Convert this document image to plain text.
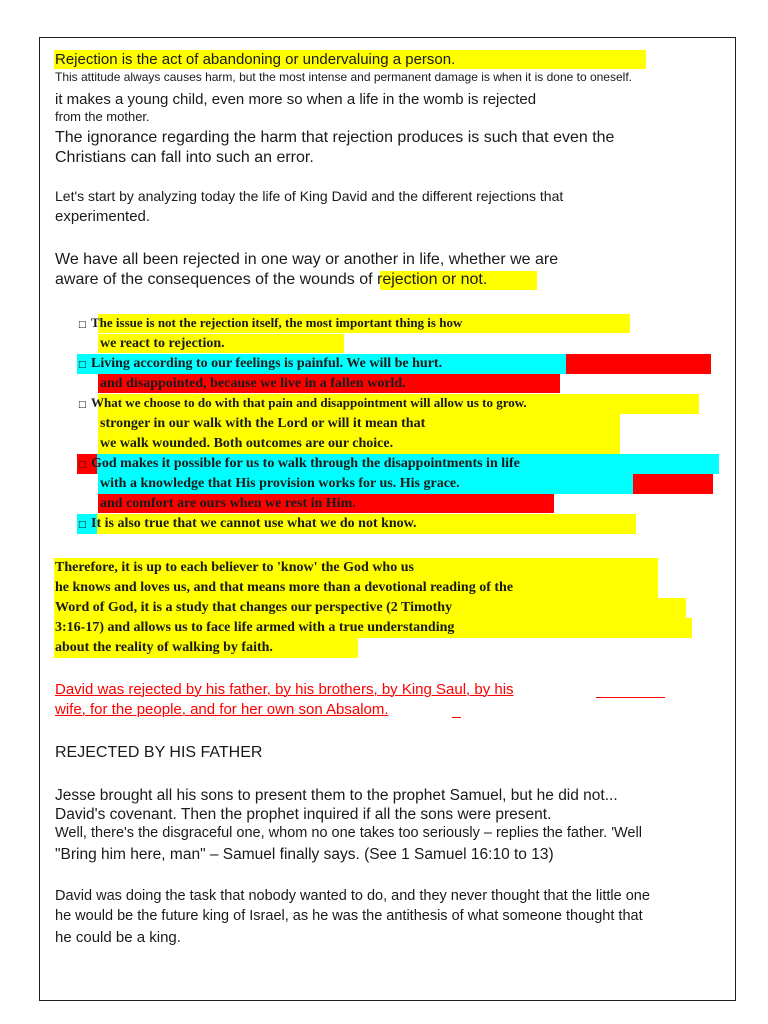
Rejection is the act of abandoning or undervaluing a person.
This attitude always causes harm, but the most intense and permanent damage is when it is done to oneself.
it makes a young child, even more so when a life in the womb is rejected
from the mother.
The ignorance regarding the harm that rejection produces is such that even the
Christians can fall into such an error.
Let's start by analyzing today the life of King David and the different rejections that
experimented.
We have all been rejected in one way or another in life, whether we are
aware of the consequences of the wounds of rejection or not.
□ The issue is not the rejection itself, the most important thing is how
we react to rejection.
□ Living according to our feelings is painful. We will be hurt.
and disappointed, because we live in a fallen world.
□ What we choose to do with that pain and disappointment will allow us to grow.
stronger in our walk with the Lord or will it mean that
we walk wounded. Both outcomes are our choice.
□ God makes it possible for us to walk through the disappointments in life
with a knowledge that His provision works for us. His grace.
and comfort are ours when we rest in Him.
□ It is also true that we cannot use what we do not know.
Therefore, it is up to each believer to 'know' the God who us
he knows and loves us, and that means more than a devotional reading of the
Word of God, it is a study that changes our perspective (2 Timothy
3:16-17) and allows us to face life armed with a true understanding
about the reality of walking by faith.
David was rejected by his father, by his brothers, by King Saul, by his
wife, for the people, and for her own son Absalom.
REJECTED BY HIS FATHER
Jesse brought all his sons to present them to the prophet Samuel, but he did not...
David's covenant. Then the prophet inquired if all the sons were present.
Well, there's the disgraceful one, whom no one takes too seriously – replies the father. 'Well
"Bring him here, man" – Samuel finally says. (See 1 Samuel 16:10 to 13)
David was doing the task that nobody wanted to do, and they never thought that the little one
he would be the future king of Israel, as he was the antithesis of what someone thought that
he could be a king.
